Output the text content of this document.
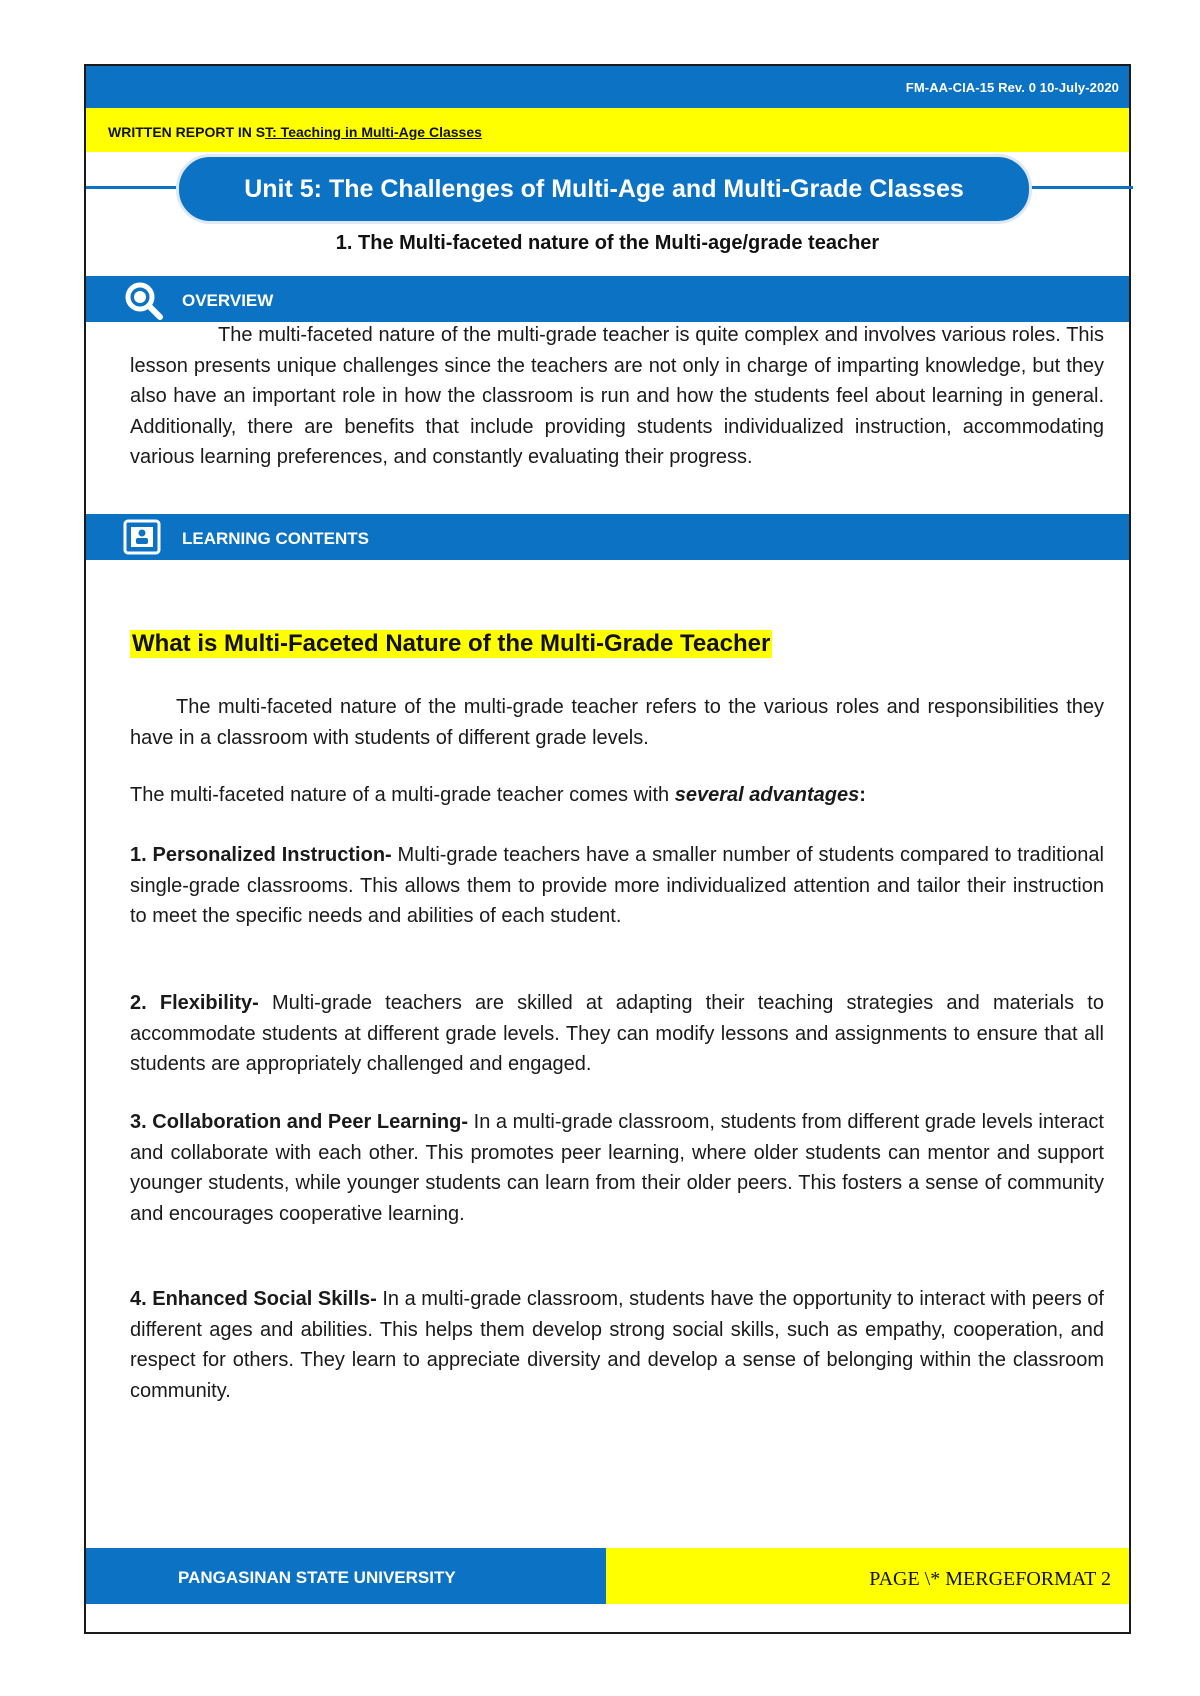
FM-AA-CIA-15 Rev. 0 10-July-2020
WRITTEN REPORT IN ST: Teaching in Multi-Age Classes
Unit 5: The Challenges of Multi-Age and Multi-Grade Classes
1. The Multi-faceted nature of the Multi-age/grade teacher
OVERVIEW

The multi-faceted nature of the multi-grade teacher is quite complex and involves various roles. This lesson presents unique challenges since the teachers are not only in charge of imparting knowledge, but they also have an important role in how the classroom is run and how the students feel about learning in general. Additionally, there are benefits that include providing students individualized instruction, accommodating various learning preferences, and constantly evaluating their progress.

LEARNING CONTENTS
What is Multi-Faceted Nature of the Multi-Grade Teacher

The multi-faceted nature of the multi-grade teacher refers to the various roles and responsibilities they have in a classroom with students of different grade levels.

The multi-faceted nature of a multi-grade teacher comes with several advantages:

1. Personalized Instruction- Multi-grade teachers have a smaller number of students compared to traditional single-grade classrooms. This allows them to provide more individualized attention and tailor their instruction to meet the specific needs and abilities of each student.

2. Flexibility- Multi-grade teachers are skilled at adapting their teaching strategies and materials to accommodate students at different grade levels. They can modify lessons and assignments to ensure that all students are appropriately challenged and engaged.

3. Collaboration and Peer Learning- In a multi-grade classroom, students from different grade levels interact and collaborate with each other. This promotes peer learning, where older students can mentor and support younger students, while younger students can learn from their older peers. This fosters a sense of community and encourages cooperative learning.

4. Enhanced Social Skills- In a multi-grade classroom, students have the opportunity to interact with peers of different ages and abilities. This helps them develop strong social skills, such as empathy, cooperation, and respect for others. They learn to appreciate diversity and develop a sense of belonging within the classroom community.

PANGASINAN STATE UNIVERSITY	PAGE \* MERGEFORMAT 2
